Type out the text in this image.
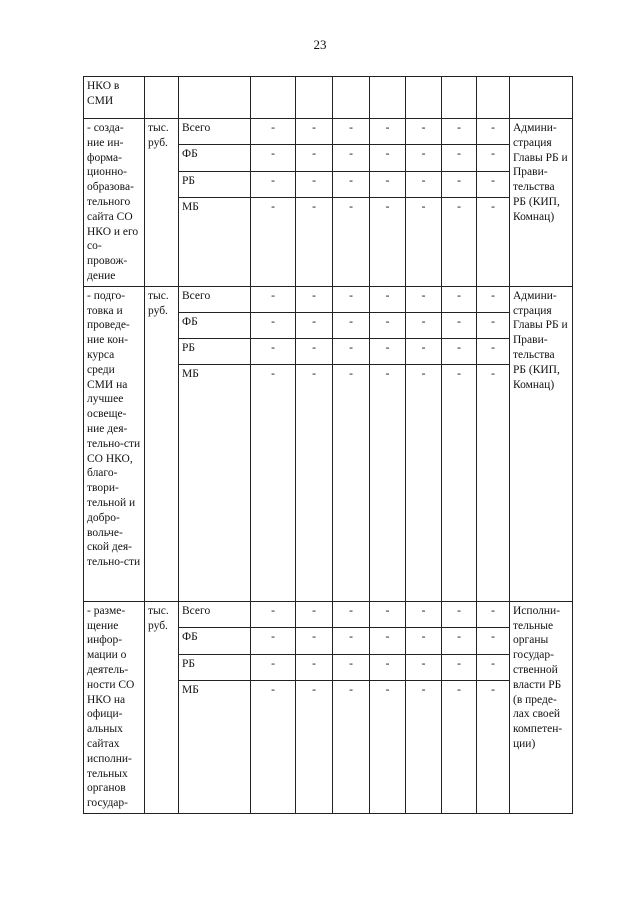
23
НКО в СМИ										
- созда-ние ин-форма-ционно-образова-тельного сайта СО НКО и его со-провож-дение	тыс. руб.	Всего	-	-	-	-	-	-	-	Админи-страция Главы РБ и Прави-тельства РБ (КИП, Комнац)
		ФБ	-	-	-	-	-	-	-	
		РБ	-	-	-	-	-	-	-	
		МБ	-	-	-	-	-	-	-	
- подго-товка и проведе-ние кон-курса среди СМИ на лучшее освеще-ние дея-тельно-сти СО НКО, благо-твори-тельной и добро-вольче-ской дея-тельно-сти	тыс. руб.	Всего	-	-	-	-	-	-	-	Админи-страция Главы РБ и Прави-тельства РБ (КИП, Комнац)
		ФБ	-	-	-	-	-	-	-	
		РБ	-	-	-	-	-	-	-	
		МБ	-	-	-	-	-	-	-	
- разме-щение инфор-мации о деятель-ности СО НКО на офици-альных сайтах исполни-тельных органов государ-	тыс. руб.	Всего	-	-	-	-	-	-	-	Исполни-тельные органы государ-ственной власти РБ (в преде-лах своей компетен-ции)
		ФБ	-	-	-	-	-	-	-	
		РБ	-	-	-	-	-	-	-	
		МБ	-	-	-	-	-	-	-	
